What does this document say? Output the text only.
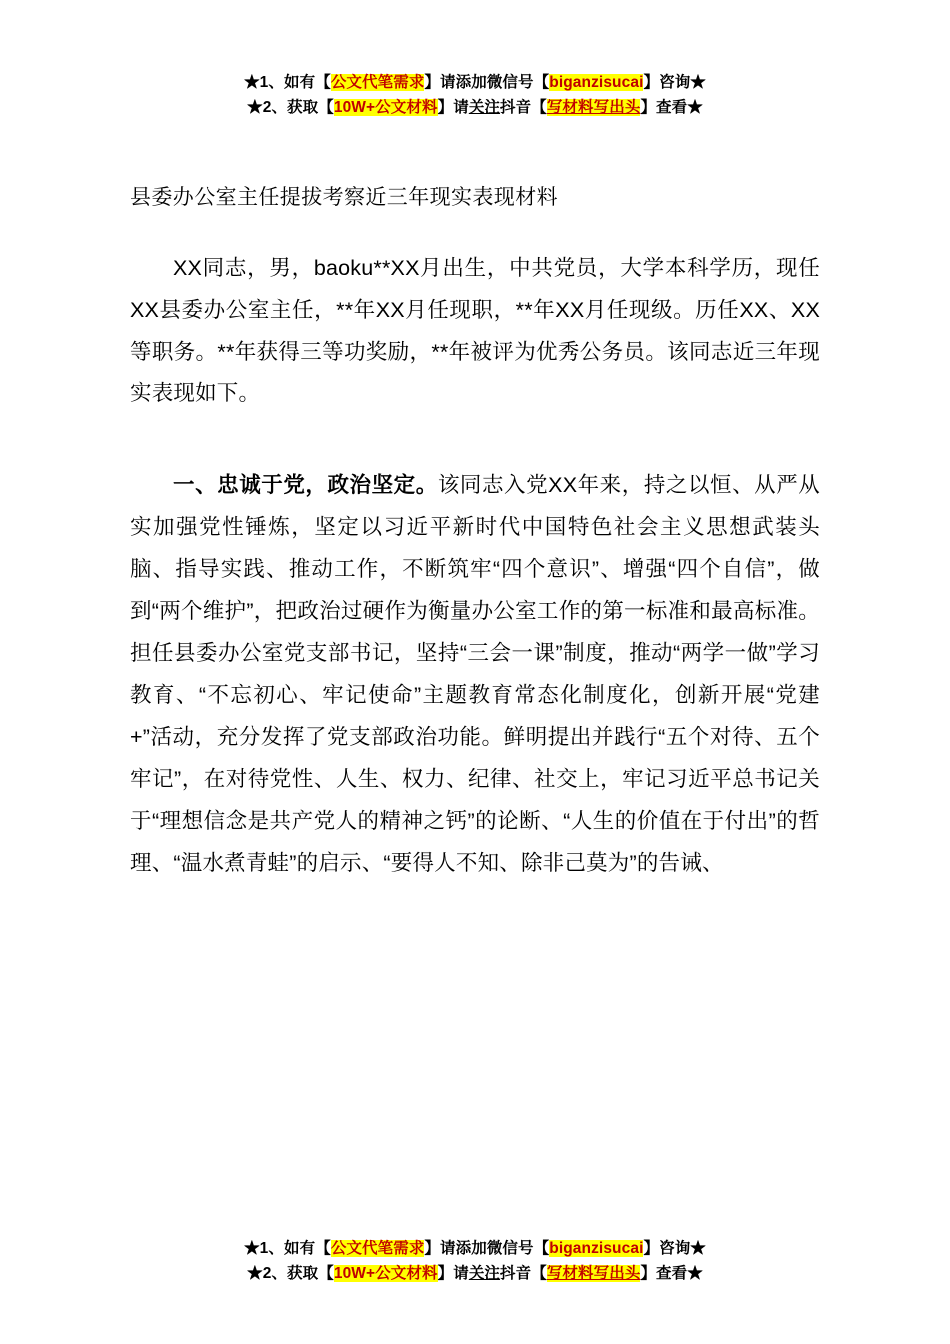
★1、如有【公文代笔需求】请添加微信号【biganzisucai】咨询★
★2、获取【10W+公文材料】请关注抖音【写材料写出头】查看★
县委办公室主任提拔考察近三年现实表现材料

XX同志，男，baoku**XX月出生，中共党员，大学本科学历，现任XX县委办公室主任，**年XX月任现职，**年XX月任现级。历任XX、XX等职务。**年获得三等功奖励，**年被评为优秀公务员。该同志近三年现实表现如下。

一、忠诚于党，政治坚定。该同志入党XX年来，持之以恒、从严从实加强党性锤炼，坚定以习近平新时代中国特色社会主义思想武装头脑、指导实践、推动工作，不断筑牢“四个意识”、增强“四个自信”，做到“两个维护”，把政治过硬作为衡量办公室工作的第一标准和最高标准。担任县委办公室党支部书记，坚持“三会一课”制度，推动“两学一做”学习教育、“不忘初心、牢记使命”主题教育常态化制度化，创新开展“党建+”活动，充分发挥了党支部政治功能。鲜明提出并践行“五个对待、五个牢记”，在对待党性、人生、权力、纪律、社交上，牢记习近平总书记关于“理想信念是共产党人的精神之钙”的论断、“人生的价值在于付出”的哲理、“温水煮青蛙”的启示、“要得人不知、除非己莫为”的告诫、

★1、如有【公文代笔需求】请添加微信号【biganzisucai】咨询★
★2、获取【10W+公文材料】请关注抖音【写材料写出头】查看★
